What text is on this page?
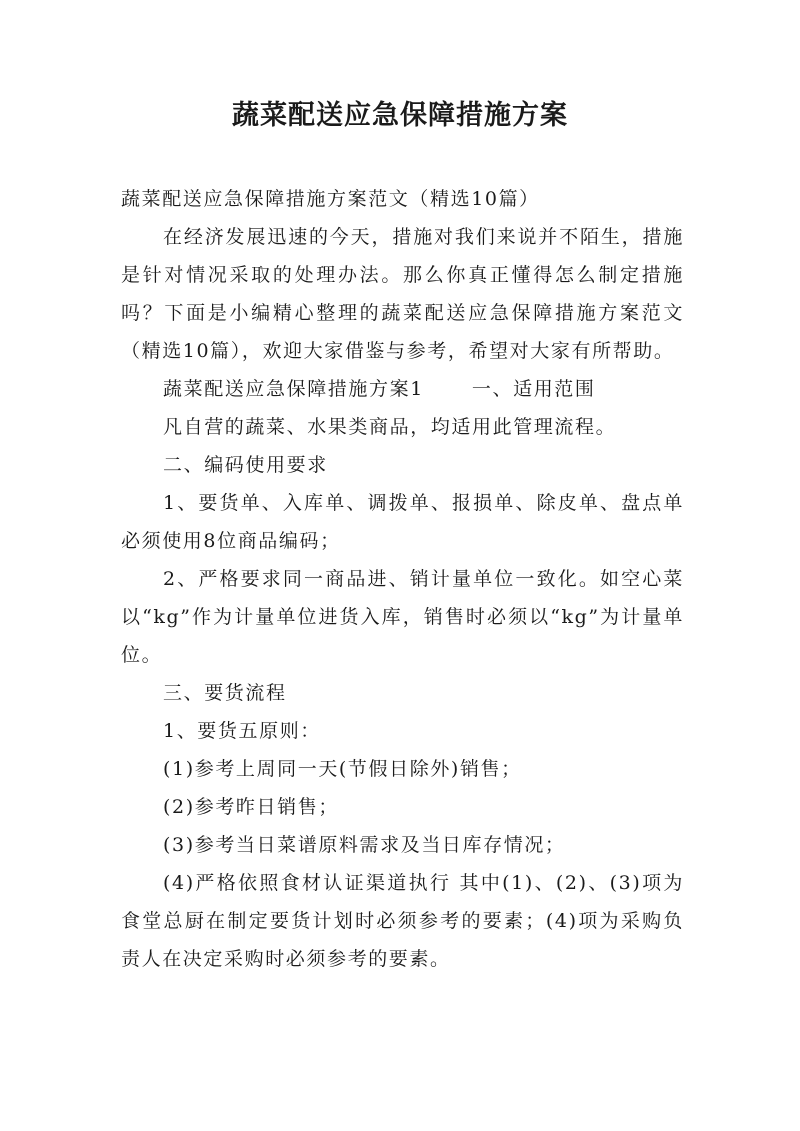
蔬菜配送应急保障措施方案

蔬菜配送应急保障措施方案范文（精选10篇）

在经济发展迅速的今天，措施对我们来说并不陌生，措施是针对情况采取的处理办法。那么你真正懂得怎么制定措施吗？下面是小编精心整理的蔬菜配送应急保障措施方案范文（精选10篇），欢迎大家借鉴与参考，希望对大家有所帮助。

蔬菜配送应急保障措施方案1	一、适用范围

凡自营的蔬菜、水果类商品，均适用此管理流程。

二、编码使用要求

1、要货单、入库单、调拨单、报损单、除皮单、盘点单必须使用8位商品编码；

2、严格要求同一商品进、销计量单位一致化。如空心菜以“kg”作为计量单位进货入库，销售时必须以“kg”为计量单位。

三、要货流程

1、要货五原则：

(1)参考上周同一天(节假日除外)销售；

(2)参考昨日销售；

(3)参考当日菜谱原料需求及当日库存情况；

(4)严格依照食材认证渠道执行 其中(1)、(2)、(3)项为食堂总厨在制定要货计划时必须参考的要素；(4)项为采购负责人在决定采购时必须参考的要素。
